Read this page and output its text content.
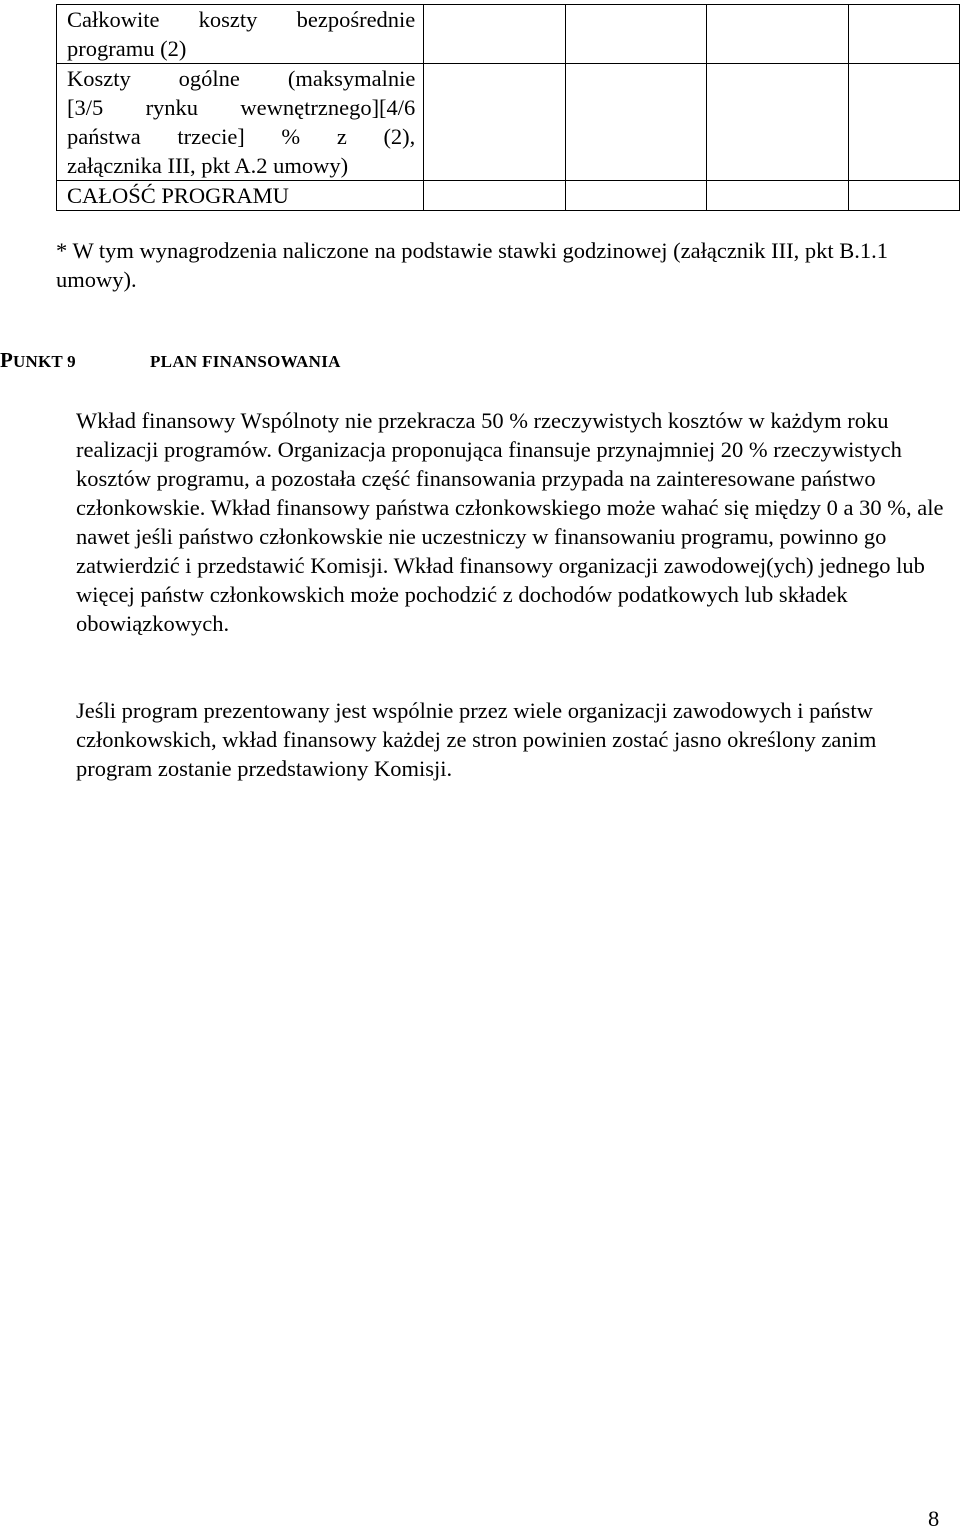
Całkowite koszty bezpośrednie
programu (2)				

Koszty ogólne (maksymalnie
[3/5 rynku wewnętrznego][4/6
państwa trzecie] % z (2),
załącznika III, pkt A.2 umowy)				

CAŁOŚĆ PROGRAMU				

* W tym wynagrodzenia naliczone na podstawie stawki godzinowej (załącznik III, pkt B.1.1 umowy).
PUNKT 9	PLAN FINANSOWANIA

Wkład finansowy Wspólnoty nie przekracza 50 % rzeczywistych kosztów w każdym roku realizacji programów. Organizacja proponująca finansuje przynajmniej 20 % rzeczywistych kosztów programu, a pozostała część finansowania przypada na zainteresowane państwo członkowskie. Wkład finansowy państwa członkowskiego może wahać się między 0 a 30 %, ale nawet jeśli państwo członkowskie nie uczestniczy w finansowaniu programu, powinno go zatwierdzić i przedstawić Komisji. Wkład finansowy organizacji zawodowej(ych) jednego lub więcej państw członkowskich może pochodzić z dochodów podatkowych lub składek obowiązkowych.

Jeśli program prezentowany jest wspólnie przez wiele organizacji zawodowych i państw członkowskich, wkład finansowy każdej ze stron powinien zostać jasno określony zanim program zostanie przedstawiony Komisji.

8
